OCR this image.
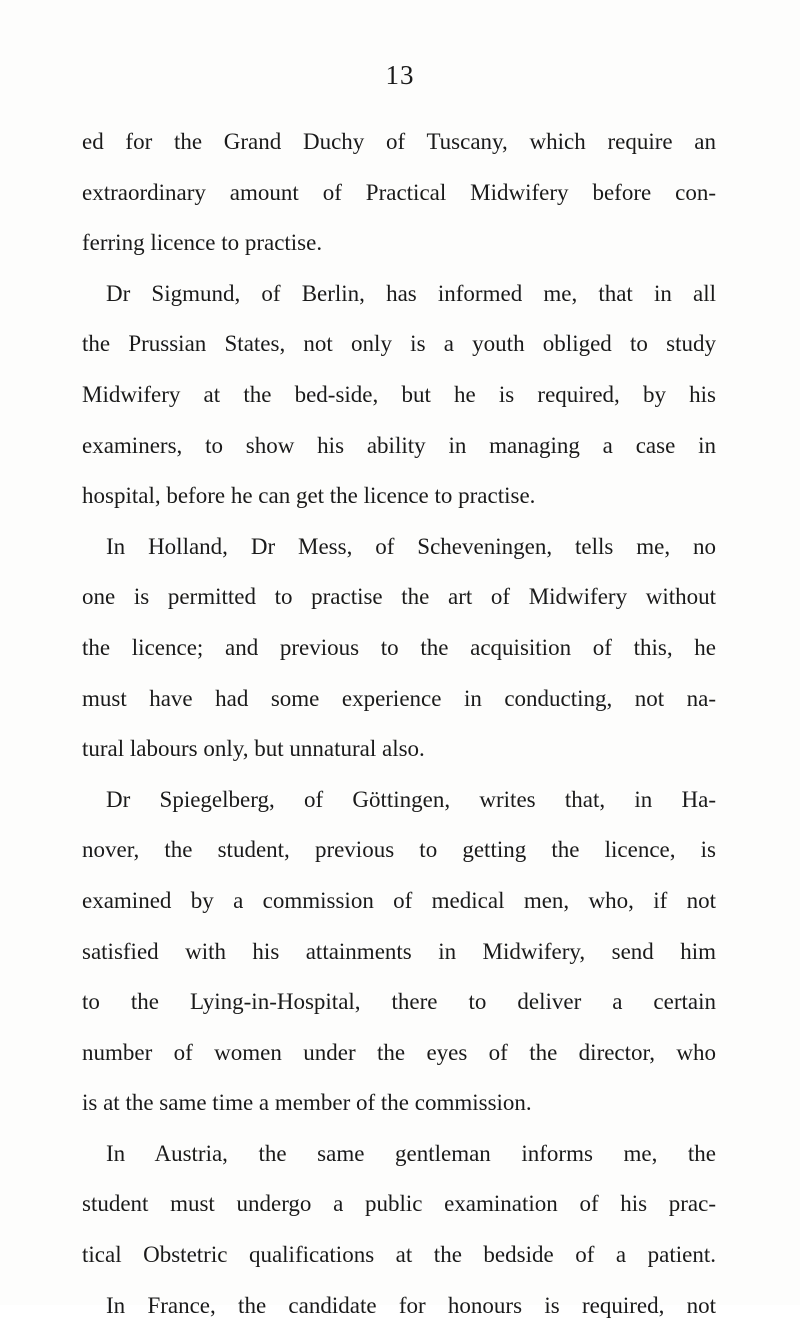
13
ed for the Grand Duchy of Tuscany, which require an
extraordinary amount of Practical Midwifery before con-
ferring licence to practise.
Dr Sigmund, of Berlin, has informed me, that in all
the Prussian States, not only is a youth obliged to study
Midwifery at the bed-side, but he is required, by his
examiners, to show his ability in managing a case in
hospital, before he can get the licence to practise.
In Holland, Dr Mess, of Scheveningen, tells me, no
one is permitted to practise the art of Midwifery without
the licence; and previous to the acquisition of this, he
must have had some experience in conducting, not na-
tural labours only, but unnatural also.
Dr Spiegelberg, of Göttingen, writes that, in Ha-
nover, the student, previous to getting the licence, is
examined by a commission of medical men, who, if not
satisfied with his attainments in Midwifery, send him
to the Lying-in-Hospital, there to deliver a certain
number of women under the eyes of the director, who
is at the same time a member of the commission.
In Austria, the same gentleman informs me, the
student must undergo a public examination of his prac-
tical Obstetric qualifications at the bedside of a patient.
In France, the candidate for honours is required, not
